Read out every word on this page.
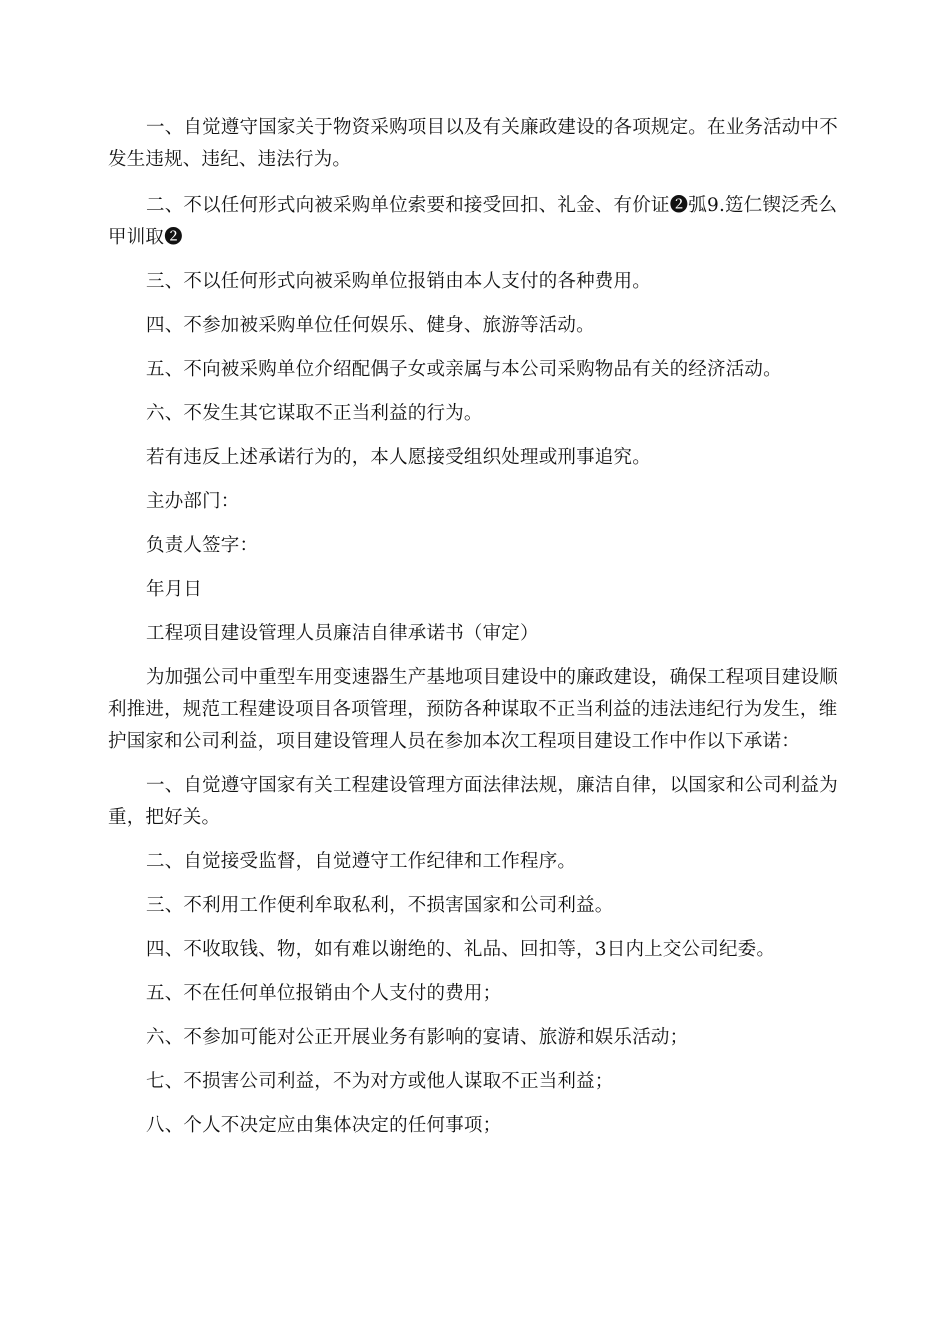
一、自觉遵守国家关于物资采购项目以及有关廉政建设的各项规定。在业务活动中不发生违规、违纪、违法行为。

二、不以任何形式向被采购单位索要和接受回扣、礼金、有价证❷弧9.笾仁锲泛秃么甲训取❷

三、不以任何形式向被采购单位报销由本人支付的各种费用。

四、不参加被采购单位任何娱乐、健身、旅游等活动。

五、不向被采购单位介绍配偶子女或亲属与本公司采购物品有关的经济活动。

六、不发生其它谋取不正当利益的行为。

若有违反上述承诺行为的，本人愿接受组织处理或刑事追究。

主办部门：

负责人签字：

年月日

工程项目建设管理人员廉洁自律承诺书（审定）

为加强公司中重型车用变速器生产基地项目建设中的廉政建设，确保工程项目建设顺利推进，规范工程建设项目各项管理，预防各种谋取不正当利益的违法违纪行为发生，维护国家和公司利益，项目建设管理人员在参加本次工程项目建设工作中作以下承诺：

一、自觉遵守国家有关工程建设管理方面法律法规，廉洁自律，以国家和公司利益为重，把好关。

二、自觉接受监督，自觉遵守工作纪律和工作程序。

三、不利用工作便利牟取私利，不损害国家和公司利益。

四、不收取钱、物，如有难以谢绝的、礼品、回扣等，3日内上交公司纪委。

五、不在任何单位报销由个人支付的费用；

六、不参加可能对公正开展业务有影响的宴请、旅游和娱乐活动；

七、不损害公司利益，不为对方或他人谋取不正当利益；

八、个人不决定应由集体决定的任何事项；
